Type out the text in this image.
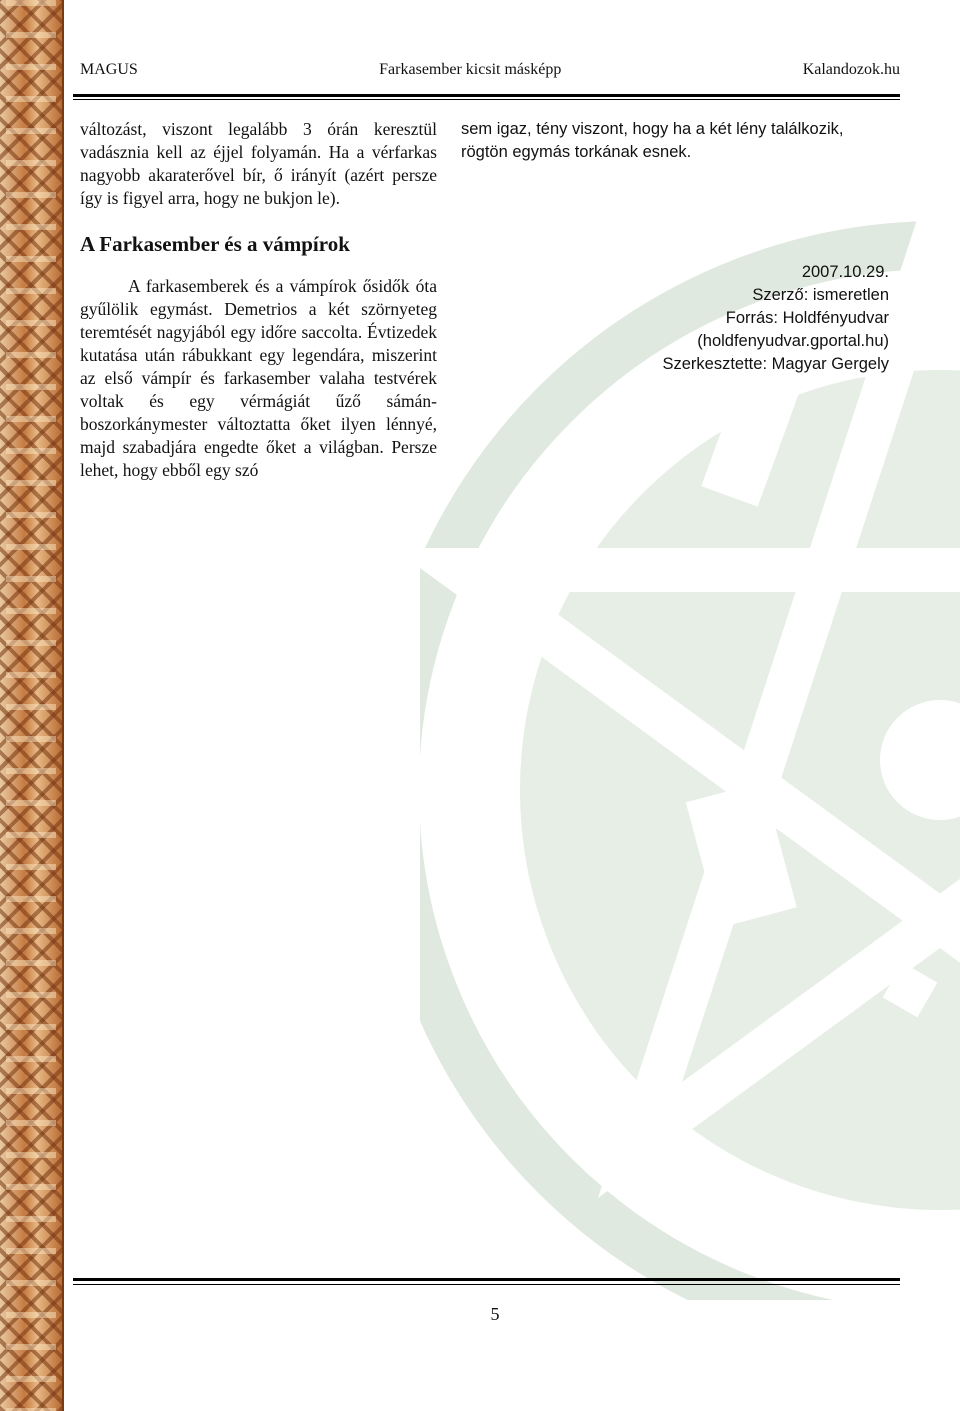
MAGUS	Farkasember kicsit másképp	Kalandozok.hu

változást, viszont legalább 3 órán keresztül vadásznia kell az éjjel folyamán. Ha a vérfarkas nagyobb akaraterővel bír, ő irányít (azért persze így is figyel arra, hogy ne bukjon le).

A Farkasember és a vámpírok

A farkasemberek és a vámpírok ősidők óta gyűlölik egymást. Demetrios a két szörnyeteg teremtését nagyjából egy időre saccolta. Évtizedek kutatása után rábukkant egy legendára, miszerint az első vámpír és farkasember valaha testvérek voltak és egy vérmágiát űző sámán-boszorkánymester változtatta őket ilyen lénnyé, majd szabadjára engedte őket a világban. Persze lehet, hogy ebből egy szó

sem igaz, tény viszont, hogy ha a két lény találkozik, rögtön egymás torkának esnek.

2007.10.29.
Szerző: ismeretlen
Forrás: Holdfényudvar
(holdfenyudvar.gportal.hu)
Szerkesztette: Magyar Gergely
5
